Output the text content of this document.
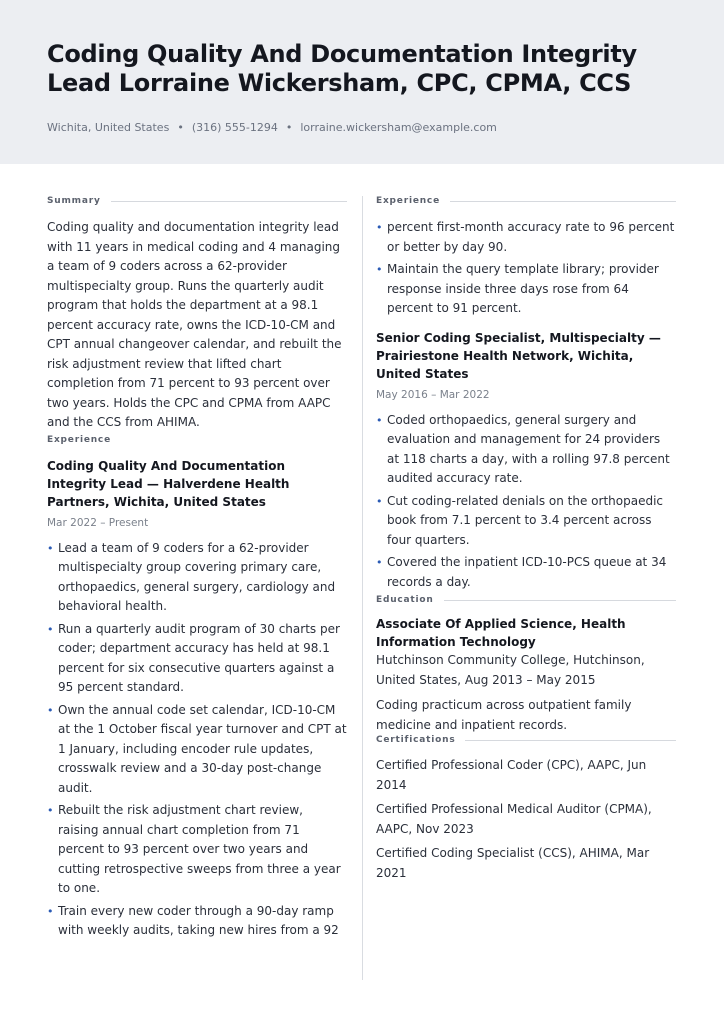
Coding Quality And Documentation Integrity Lead Lorraine Wickersham, CPC, CPMA, CCS
Wichita, United States • (316) 555-1294 • lorraine.wickersham@example.com
Summary

Coding quality and documentation integrity lead with 11 years in medical coding and 4 managing a team of 9 coders across a 62-provider multispecialty group. Runs the quarterly audit program that holds the department at a 98.1 percent accuracy rate, owns the ICD-10-CM and CPT annual changeover calendar, and rebuilt the risk adjustment review that lifted chart completion from 71 percent to 93 percent over two years. Holds the CPC and CPMA from AAPC and the CCS from AHIMA.

Experience

Coding Quality And Documentation Integrity Lead — Halverdene Health Partners, Wichita, United States

Mar 2022 – Present

• Lead a team of 9 coders for a 62-provider multispecialty group covering primary care, orthopaedics, general surgery, cardiology and behavioral health.
• Run a quarterly audit program of 30 charts per coder; department accuracy has held at 98.1 percent for six consecutive quarters against a 95 percent standard.
• Own the annual code set calendar, ICD-10-CM at the 1 October fiscal year turnover and CPT at 1 January, including encoder rule updates, crosswalk review and a 30-day post-change audit.
• Rebuilt the risk adjustment chart review, raising annual chart completion from 71 percent to 93 percent over two years and cutting retrospective sweeps from three a year to one.
• Train every new coder through a 90-day ramp with weekly audits, taking new hires from a 92
Experience
• percent first-month accuracy rate to 96 percent or better by day 90.
• Maintain the query template library; provider response inside three days rose from 64 percent to 91 percent.

Senior Coding Specialist, Multispecialty — Prairiestone Health Network, Wichita, United States

May 2016 – Mar 2022

• Coded orthopaedics, general surgery and evaluation and management for 24 providers at 118 charts a day, with a rolling 97.8 percent audited accuracy rate.
• Cut coding-related denials on the orthopaedic book from 7.1 percent to 3.4 percent across four quarters.
• Covered the inpatient ICD-10-PCS queue at 34 records a day.
Education

Associate Of Applied Science, Health Information Technology

Hutchinson Community College, Hutchinson, United States, Aug 2013 – May 2015

Coding practicum across outpatient family medicine and inpatient records.

Certifications

Certified Professional Coder (CPC), AAPC, Jun 2014

Certified Professional Medical Auditor (CPMA), AAPC, Nov 2023

Certified Coding Specialist (CCS), AHIMA, Mar 2021
